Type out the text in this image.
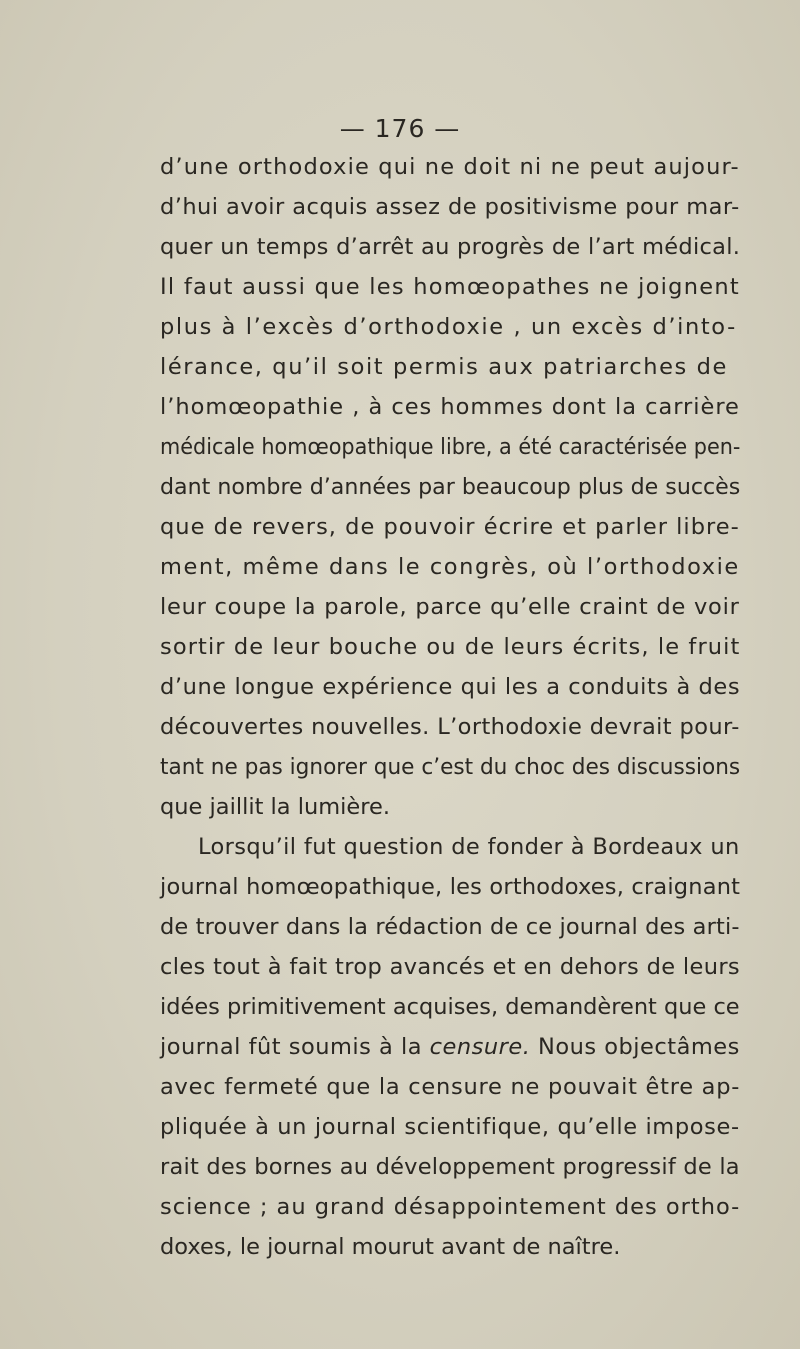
— 176 —
d’une orthodoxie qui ne doit ni ne peut aujour-
d’hui avoir acquis assez de positivisme pour mar-
quer un temps d’arrêt au progrès de l’art médical.
Il faut aussi que les homœopathes ne joignent
plus à l’excès d’orthodoxie , un excès d’into-
lérance, qu’il soit permis aux patriarches de
l’homœopathie , à ces hommes dont la carrière
médicale homœopathique libre, a été caractérisée pen-
dant nombre d’années par beaucoup plus de succès
que de revers, de pouvoir écrire et parler libre-
ment, même dans le congrès, où l’orthodoxie
leur coupe la parole, parce qu’elle craint de voir
sortir de leur bouche ou de leurs écrits, le fruit
d’une longue expérience qui les a conduits à des
découvertes nouvelles. L’orthodoxie devrait pour-
tant ne pas ignorer que c’est du choc des discussions
que jaillit la lumière.
Lorsqu’il fut question de fonder à Bordeaux un
journal homœopathique, les orthodoxes, craignant
de trouver dans la rédaction de ce journal des arti-
cles tout à fait trop avancés et en dehors de leurs
idées primitivement acquises, demandèrent que ce
journal fût soumis à la censure. Nous objectâmes
avec fermeté que la censure ne pouvait être ap-
pliquée à un journal scientifique, qu’elle impose-
rait des bornes au développement progressif de la
science ; au grand désappointement des ortho-
doxes, le journal mourut avant de naître.
